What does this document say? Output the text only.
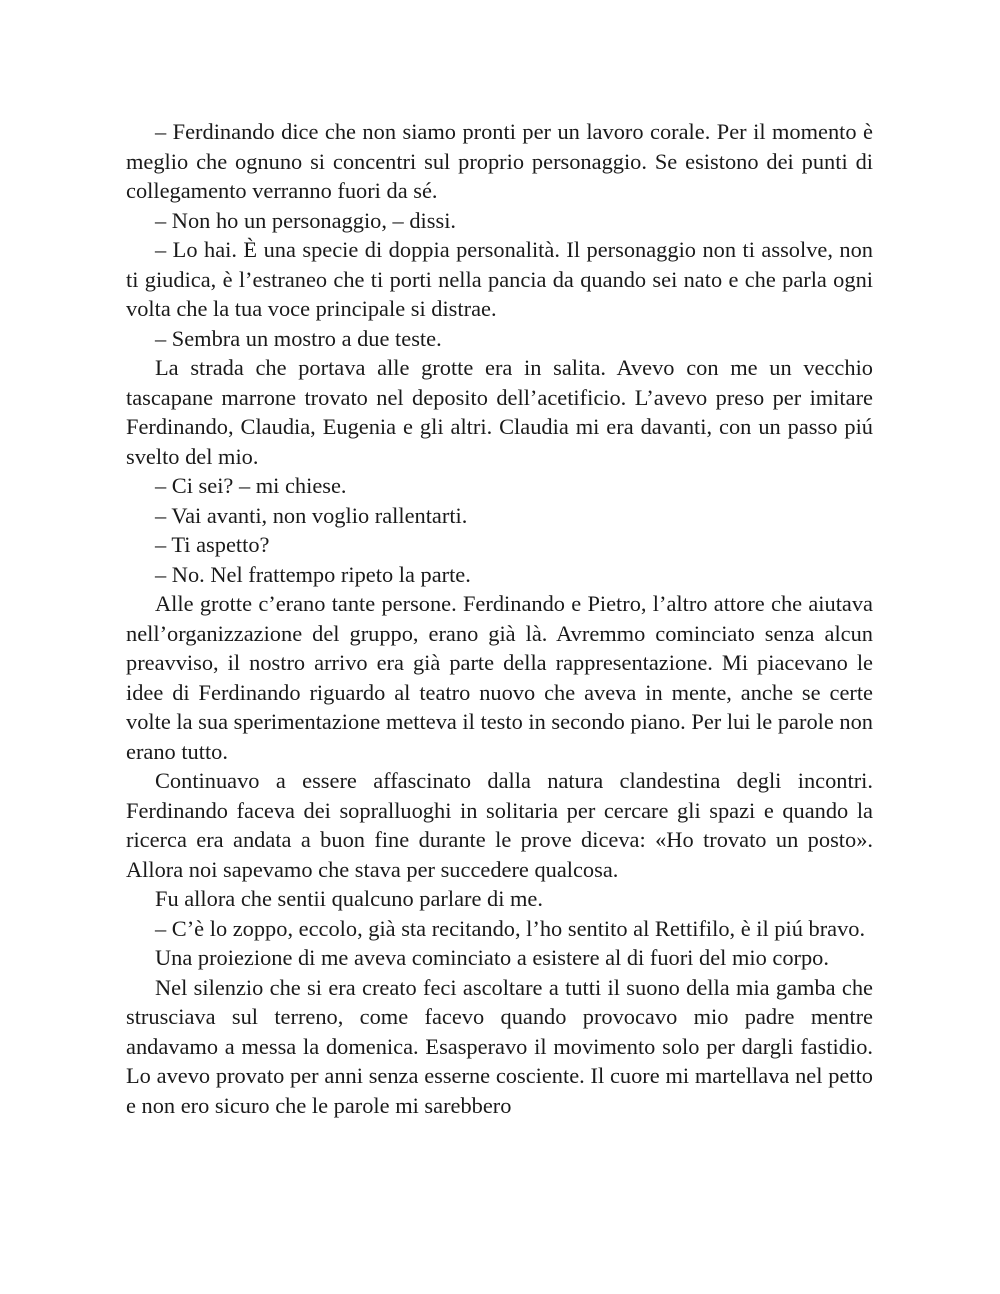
– Ferdinando dice che non siamo pronti per un lavoro corale. Per il momento è meglio che ognuno si concentri sul proprio personaggio. Se esistono dei punti di collegamento verranno fuori da sé.

– Non ho un personaggio, – dissi.

– Lo hai. È una specie di doppia personalità. Il personaggio non ti assolve, non ti giudica, è l’estraneo che ti porti nella pancia da quando sei nato e che parla ogni volta che la tua voce principale si distrae.

– Sembra un mostro a due teste.

La strada che portava alle grotte era in salita. Avevo con me un vecchio tascapane marrone trovato nel deposito dell’acetificio. L’avevo preso per imitare Ferdinando, Claudia, Eugenia e gli altri. Claudia mi era davanti, con un passo piú svelto del mio.

– Ci sei? – mi chiese.

– Vai avanti, non voglio rallentarti.

– Ti aspetto?

– No. Nel frattempo ripeto la parte.

Alle grotte c’erano tante persone. Ferdinando e Pietro, l’altro attore che aiutava nell’organizzazione del gruppo, erano già là. Avremmo cominciato senza alcun preavviso, il nostro arrivo era già parte della rappresentazione. Mi piacevano le idee di Ferdinando riguardo al teatro nuovo che aveva in mente, anche se certe volte la sua sperimentazione metteva il testo in secondo piano. Per lui le parole non erano tutto.

Continuavo a essere affascinato dalla natura clandestina degli incontri. Ferdinando faceva dei sopralluoghi in solitaria per cercare gli spazi e quando la ricerca era andata a buon fine durante le prove diceva: «Ho trovato un posto». Allora noi sapevamo che stava per succedere qualcosa.

Fu allora che sentii qualcuno parlare di me.

– C’è lo zoppo, eccolo, già sta recitando, l’ho sentito al Rettifilo, è il piú bravo.

Una proiezione di me aveva cominciato a esistere al di fuori del mio corpo.

Nel silenzio che si era creato feci ascoltare a tutti il suono della mia gamba che strusciava sul terreno, come facevo quando provocavo mio padre mentre andavamo a messa la domenica. Esasperavo il movimento solo per dargli fastidio. Lo avevo provato per anni senza esserne cosciente. Il cuore mi martellava nel petto e non ero sicuro che le parole mi sarebbero
